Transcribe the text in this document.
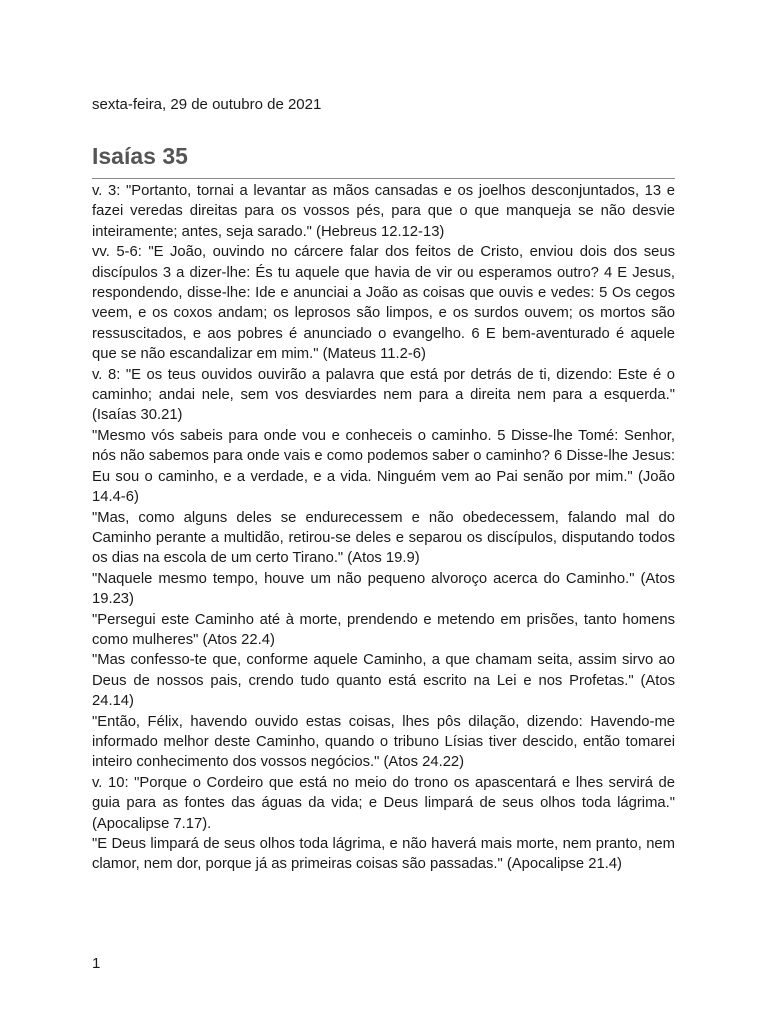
sexta-feira, 29 de outubro de 2021
Isaías 35

v. 3: "Portanto, tornai a levantar as mãos cansadas e os joelhos desconjuntados, 13 e fazei veredas direitas para os vossos pés, para que o que manqueja se não desvie inteiramente; antes, seja sarado." (Hebreus 12.12-13)

vv. 5-6: "E João, ouvindo no cárcere falar dos feitos de Cristo, enviou dois dos seus discípulos 3 a dizer-lhe: És tu aquele que havia de vir ou esperamos outro? 4 E Jesus, respondendo, disse-lhe: Ide e anunciai a João as coisas que ouvis e vedes: 5 Os cegos veem, e os coxos andam; os leprosos são limpos, e os surdos ouvem; os mortos são ressuscitados, e aos pobres é anunciado o evangelho. 6 E bem-aventurado é aquele que se não escandalizar em mim." (Mateus 11.2-6)

v. 8: "E os teus ouvidos ouvirão a palavra que está por detrás de ti, dizendo: Este é o caminho; andai nele, sem vos desviardes nem para a direita nem para a esquerda." (Isaías 30.21)

"Mesmo vós sabeis para onde vou e conheceis o caminho. 5 Disse-lhe Tomé: Senhor, nós não sabemos para onde vais e como podemos saber o caminho? 6 Disse-lhe Jesus: Eu sou o caminho, e a verdade, e a vida. Ninguém vem ao Pai senão por mim." (João 14.4-6)

"Mas, como alguns deles se endurecessem e não obedecessem, falando mal do Caminho perante a multidão, retirou-se deles e separou os discípulos, disputando todos os dias na escola de um certo Tirano." (Atos 19.9)

"Naquele mesmo tempo, houve um não pequeno alvoroço acerca do Caminho." (Atos 19.23)

"Persegui este Caminho até à morte, prendendo e metendo em prisões, tanto homens como mulheres" (Atos 22.4)

"Mas confesso-te que, conforme aquele Caminho, a que chamam seita, assim sirvo ao Deus de nossos pais, crendo tudo quanto está escrito na Lei e nos Profetas." (Atos 24.14)

"Então, Félix, havendo ouvido estas coisas, lhes pôs dilação, dizendo: Havendo-me informado melhor deste Caminho, quando o tribuno Lísias tiver descido, então tomarei inteiro conhecimento dos vossos negócios." (Atos 24.22)

v. 10: "Porque o Cordeiro que está no meio do trono os apascentará e lhes servirá de guia para as fontes das águas da vida; e Deus limpará de seus olhos toda lágrima." (Apocalipse 7.17).

"E Deus limpará de seus olhos toda lágrima, e não haverá mais morte, nem pranto, nem clamor, nem dor, porque já as primeiras coisas são passadas." (Apocalipse 21.4)

1
